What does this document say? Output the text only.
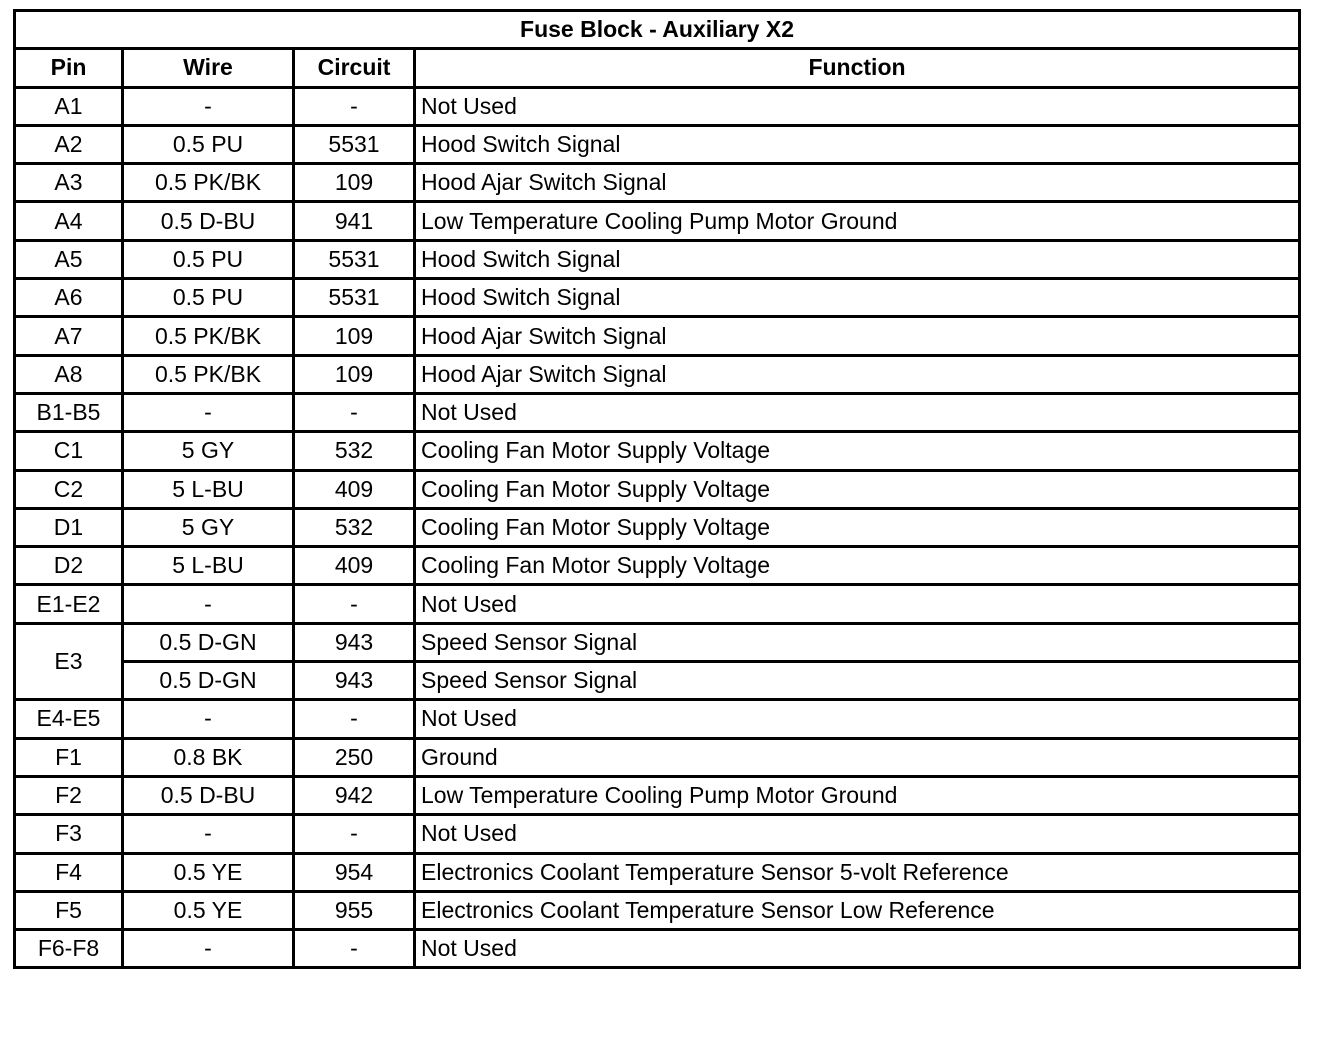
Fuse Block - Auxiliary X2			
Pin	Wire	Circuit	Function
A1	-	-	Not Used
A2	0.5 PU	5531	Hood Switch Signal
A3	0.5 PK/BK	109	Hood Ajar Switch Signal
A4	0.5 D-BU	941	Low Temperature Cooling Pump Motor Ground
A5	0.5 PU	5531	Hood Switch Signal
A6	0.5 PU	5531	Hood Switch Signal
A7	0.5 PK/BK	109	Hood Ajar Switch Signal
A8	0.5 PK/BK	109	Hood Ajar Switch Signal
B1-B5	-	-	Not Used
C1	5 GY	532	Cooling Fan Motor Supply Voltage
C2	5 L-BU	409	Cooling Fan Motor Supply Voltage
D1	5 GY	532	Cooling Fan Motor Supply Voltage
D2	5 L-BU	409	Cooling Fan Motor Supply Voltage
E1-E2	-	-	Not Used
E3	0.5 D-GN	943	Speed Sensor Signal
	0.5 D-GN	943	Speed Sensor Signal
E4-E5	-	-	Not Used
F1	0.8 BK	250	Ground
F2	0.5 D-BU	942	Low Temperature Cooling Pump Motor Ground
F3	-	-	Not Used
F4	0.5 YE	954	Electronics Coolant Temperature Sensor 5-volt Reference
F5	0.5 YE	955	Electronics Coolant Temperature Sensor Low Reference
F6-F8	-	-	Not Used
